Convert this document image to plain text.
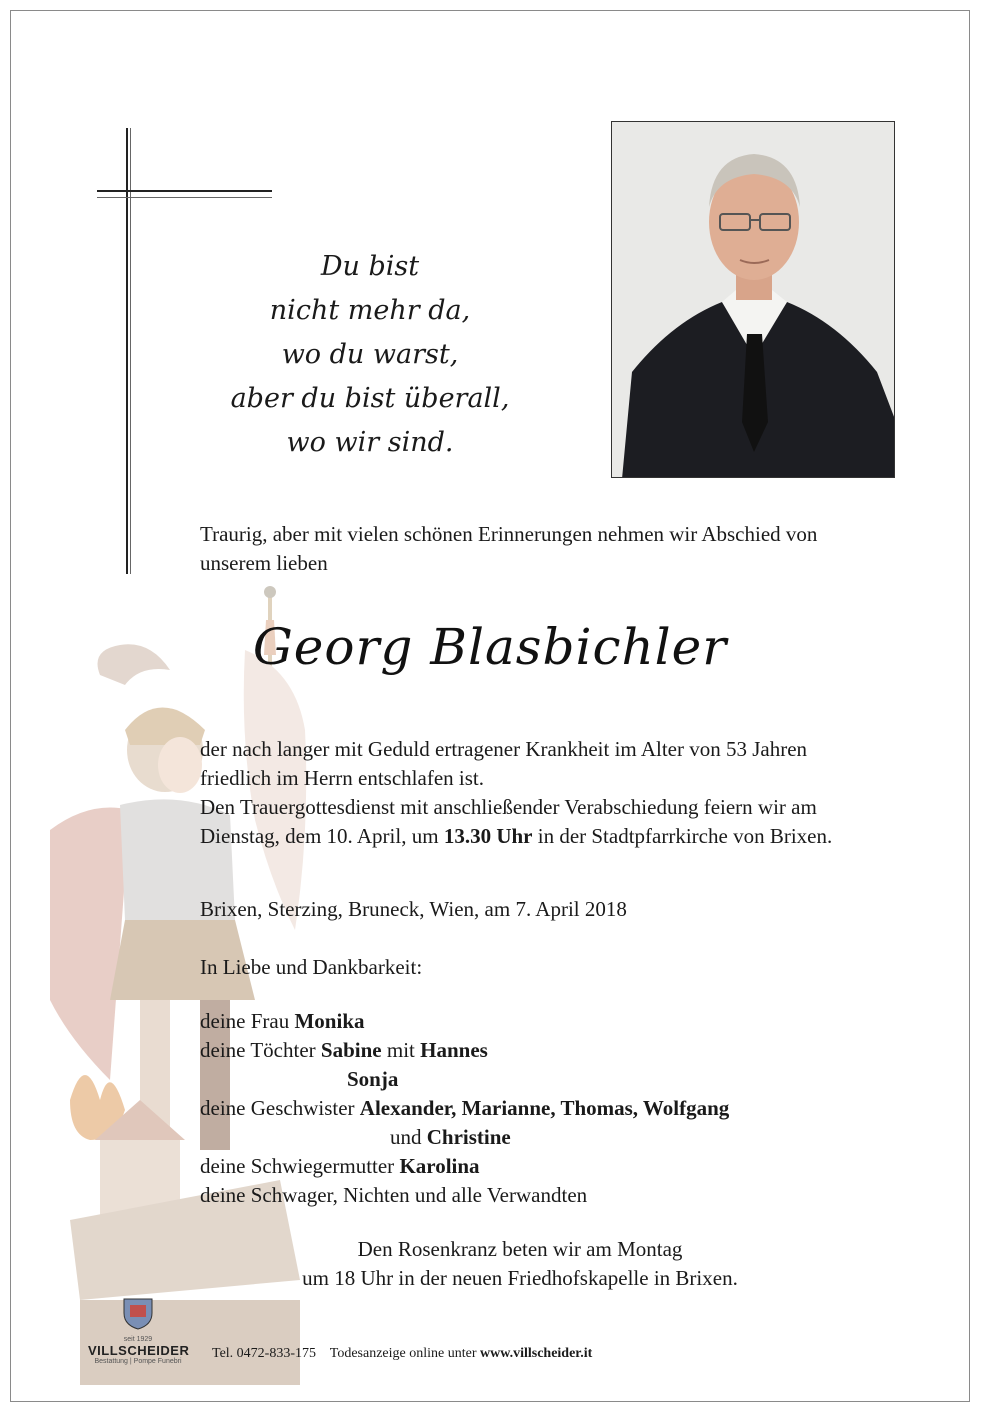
Du bist
nicht mehr da,
wo du warst,
aber du bist überall,
wo wir sind.
Traurig, aber mit vielen schönen Erinnerungen nehmen wir Abschied von unserem lieben
Georg Blasbichler
der nach langer mit Geduld ertragener Krankheit im Alter von 53 Jahren friedlich im Herrn entschlafen ist.
Den Trauergottesdienst mit anschließender Verabschiedung feiern wir am Dienstag, dem 10. April, um 13.30 Uhr in der Stadtpfarrkirche von Brixen.
Brixen, Sterzing, Bruneck, Wien, am 7. April 2018
In Liebe und Dankbarkeit:
deine Frau Monika
deine Töchter Sabine mit Hannes
Sonja
deine Geschwister Alexander, Marianne, Thomas, Wolfgang
und Christine
deine Schwiegermutter Karolina
deine Schwager, Nichten und alle Verwandten
Den Rosenkranz beten wir am Montag
um 18 Uhr in der neuen Friedhofskapelle in Brixen.
seit 1929
VILLSCHEIDER
Bestattung | Pompe Funebri
Tel. 0472-833-175 Todesanzeige online unter www.villscheider.it
